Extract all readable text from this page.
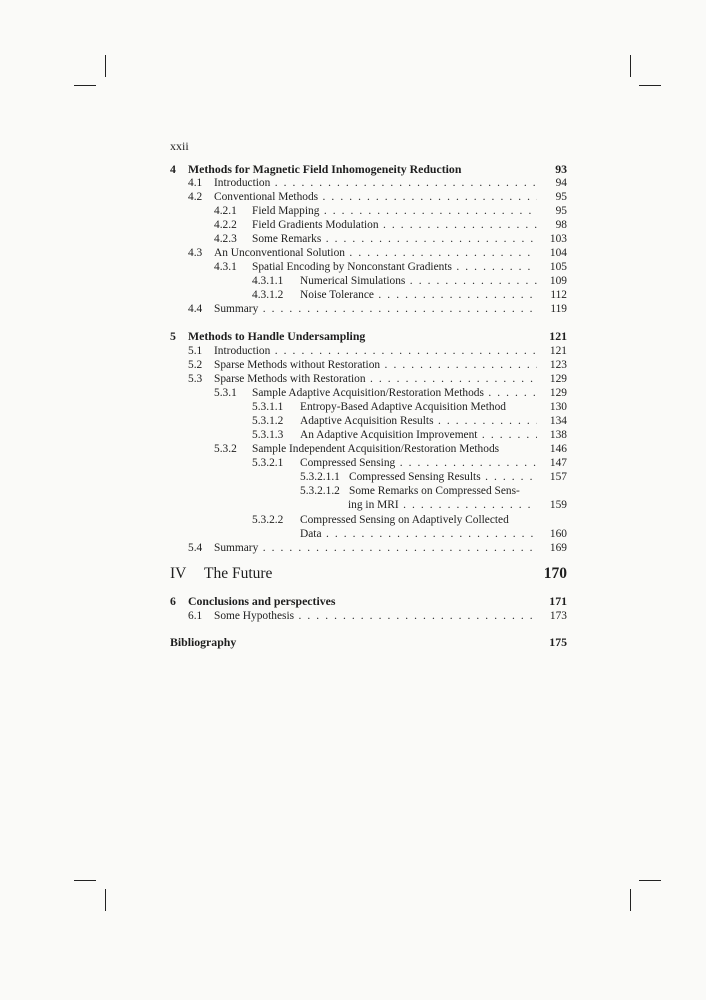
xxii
4 Methods for Magnetic Field Inhomogeneity Reduction	93
4.1 Introduction . . .	94
4.2 Conventional Methods . . .	95
4.2.1 Field Mapping . . .	95
4.2.2 Field Gradients Modulation . . .	98
4.2.3 Some Remarks . . .	103
4.3 An Unconventional Solution . . .	104
4.3.1 Spatial Encoding by Nonconstant Gradients . . .	105
4.3.1.1 Numerical Simulations . . .	109
4.3.1.2 Noise Tolerance . . .	112
4.4 Summary . . .	119
5 Methods to Handle Undersampling	121
5.1 Introduction . . .	121
5.2 Sparse Methods without Restoration . . .	123
5.3 Sparse Methods with Restoration . . .	129
5.3.1 Sample Adaptive Acquisition/Restoration Methods . . .	129
5.3.1.1 Entropy-Based Adaptive Acquisition Method	130
5.3.1.2 Adaptive Acquisition Results . . .	134
5.3.1.3 An Adaptive Acquisition Improvement . . .	138
5.3.2 Sample Independent Acquisition/Restoration Methods	146
5.3.2.1 Compressed Sensing . . .	147
5.3.2.1.1 Compressed Sensing Results . . .	157
5.3.2.1.2 Some Remarks on Compressed Sens-
ing in MRI . . .	159
5.3.2.2 Compressed Sensing on Adaptively Collected
Data . . .	160
5.4 Summary . . .	169
IV The Future	170
6 Conclusions and perspectives	171
6.1 Some Hypothesis . . .	173
Bibliography	175
